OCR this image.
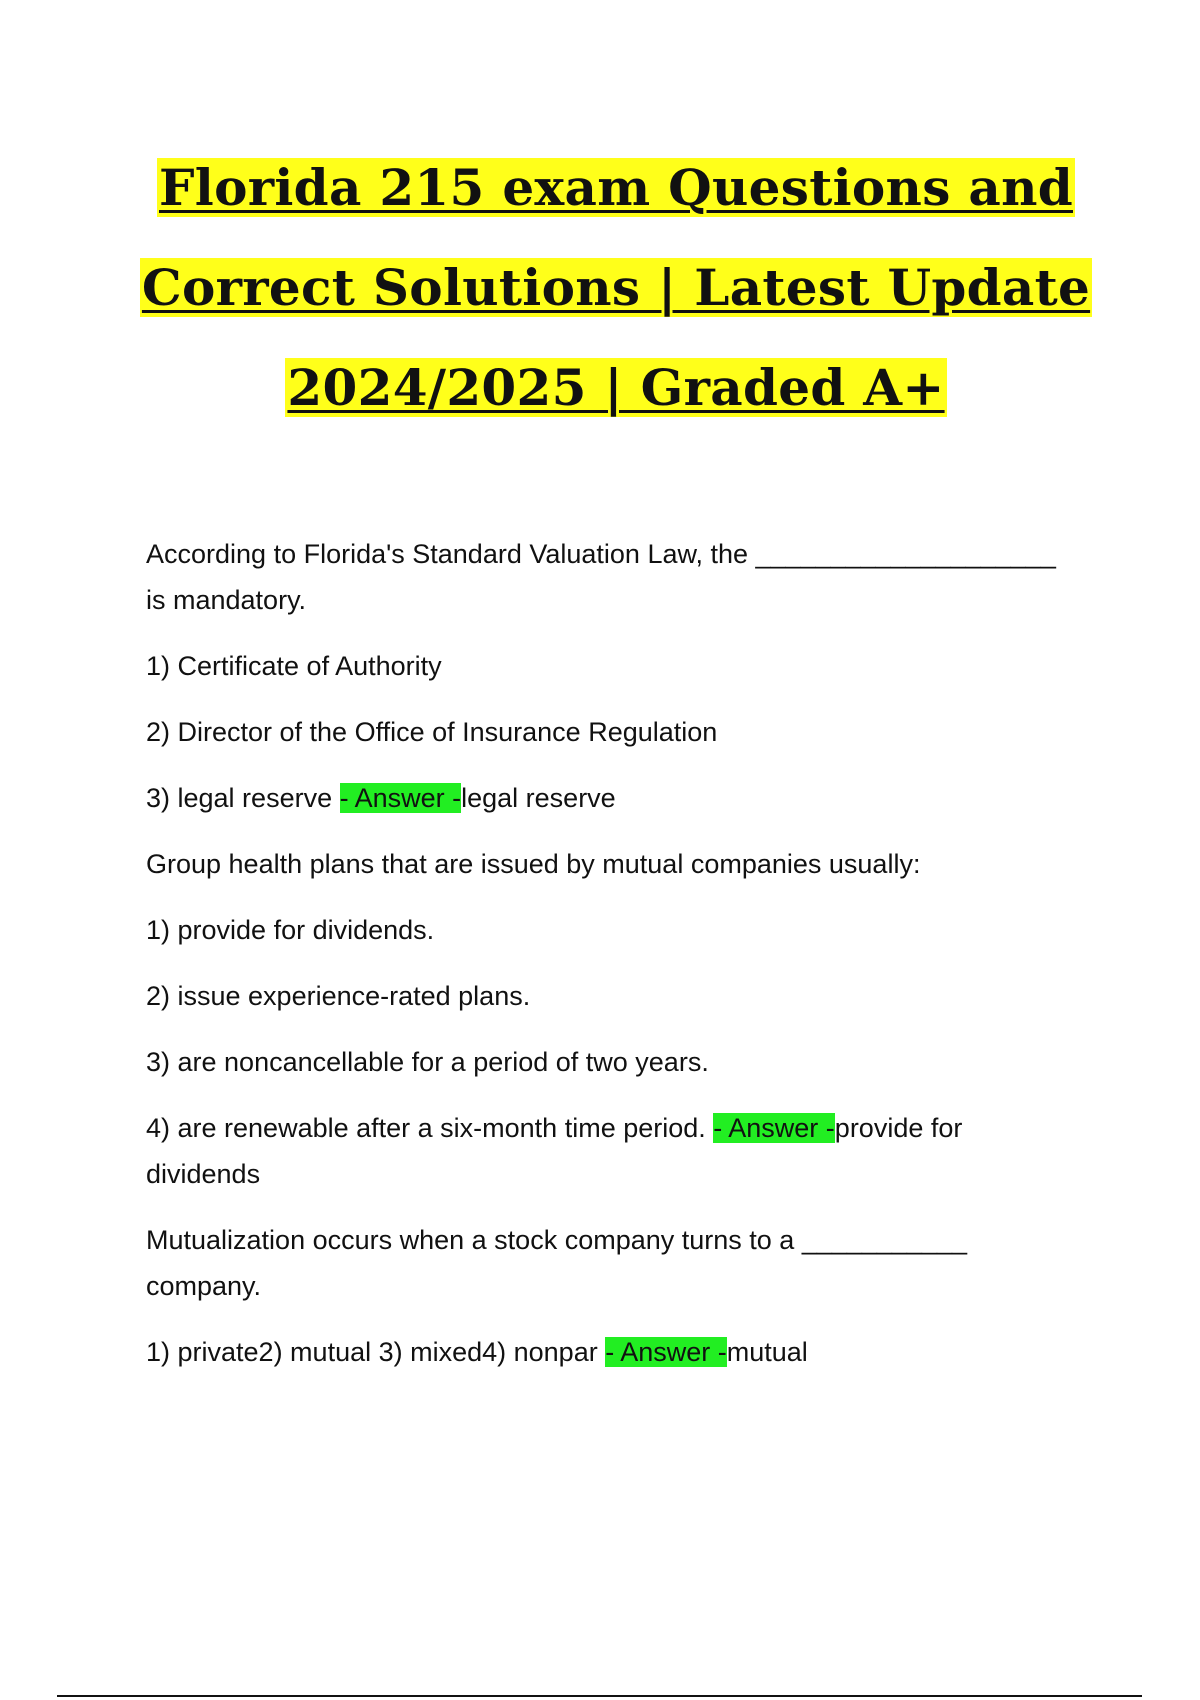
Florida 215 exam Questions and
Correct Solutions | Latest Update
2024/2025 | Graded A+

According to Florida's Standard Valuation Law, the ____________________ is mandatory.

1) Certificate of Authority

2) Director of the Office of Insurance Regulation

3) legal reserve - Answer -legal reserve

Group health plans that are issued by mutual companies usually:

1) provide for dividends.

2) issue experience-rated plans.

3) are noncancellable for a period of two years.

4) are renewable after a six-month time period. - Answer -provide for dividends

Mutualization occurs when a stock company turns to a ___________ company.

1) private2) mutual 3) mixed4) nonpar - Answer -mutual
